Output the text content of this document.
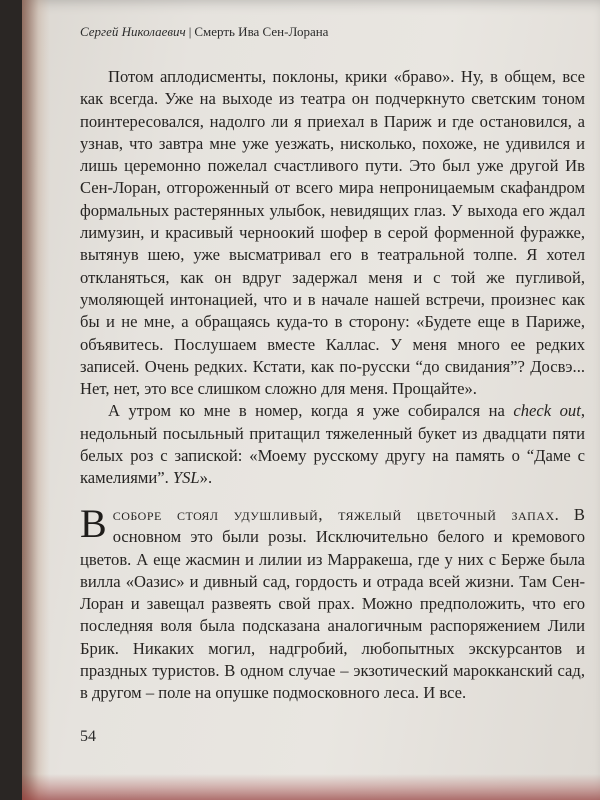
Сергей Николаевич | Смерть Ива Сен-Лорана

Потом аплодисменты, поклоны, крики «браво». Ну, в общем, все как всегда. Уже на выходе из театра он подчеркнуто светским тоном поинтересовался, надолго ли я приехал в Париж и где остановился, а узнав, что завтра мне уже уезжать, нисколько, похоже, не удивился и лишь церемонно пожелал счастливого пути. Это был уже другой Ив Сен-Лоран, отгороженный от всего мира непроницаемым скафандром формальных растерянных улыбок, невидящих глаз. У выхода его ждал лимузин, и красивый черноокий шофер в серой форменной фуражке, вытянув шею, уже высматривал его в театральной толпе. Я хотел откланяться, как он вдруг задержал меня и с той же пугливой, умоляющей интонацией, что и в начале нашей встречи, произнес как бы и не мне, а обращаясь куда-то в сторону: «Будете еще в Париже, объявитесь. Послушаем вместе Каллас. У меня много ее редких записей. Очень редких. Кстати, как по-русски “до свидания”? Досвэ... Нет, нет, это все слишком сложно для меня. Прощайте».

А утром ко мне в номер, когда я уже собирался на check out, недольный посыльный притащил тяжеленный букет из двадцати пяти белых роз с запиской: «Моему русскому другу на память о “Даме с камелиями”. YSL».

В соборе стоял удушливый, тяжелый цветочный запах. В основном это были розы. Исключительно белого и кремового цветов. А еще жасмин и лилии из Марракеша, где у них с Берже была вилла «Оазис» и дивный сад, гордость и отрада всей жизни. Там Сен-Лоран и завещал развеять свой прах. Можно предположить, что его последняя воля была подсказана аналогичным распоряжением Лили Брик. Никаких могил, надгробий, любопытных экскурсантов и праздных туристов. В одном случае – экзотический марокканский сад, в другом – поле на опушке подмосковного леса. И все.
54
